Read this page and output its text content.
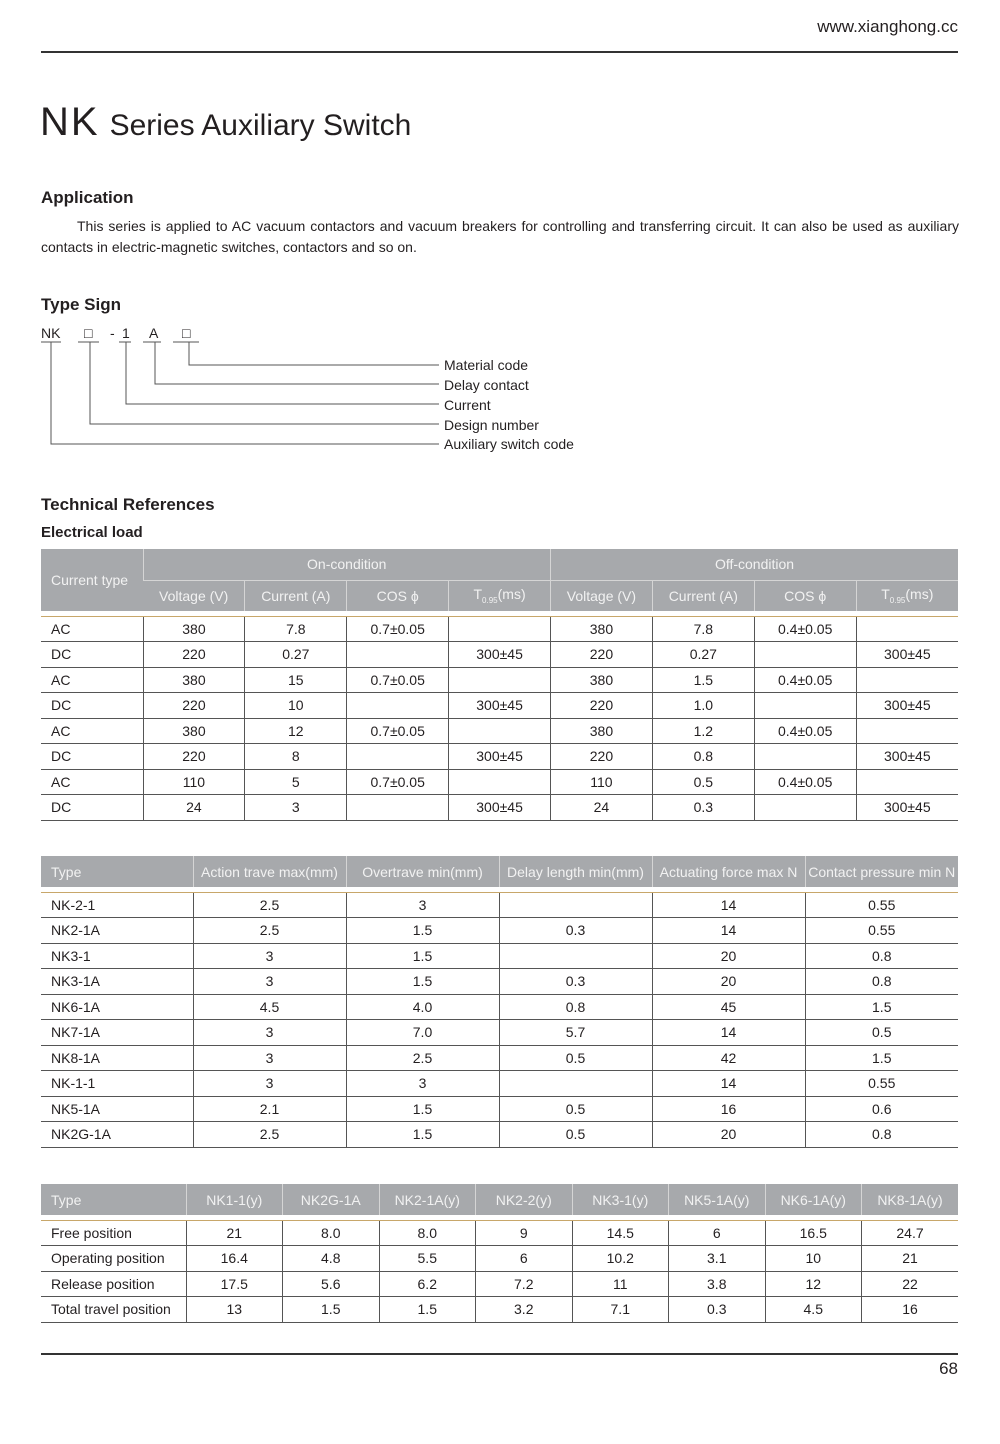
www.xianghong.cc
NK Series Auxiliary Switch
Application

This series is applied to AC vacuum contactors and vacuum breakers for controlling and transferring circuit. It can also be used as auxiliary contacts in electric-magnetic switches, contactors and so on.

Type Sign
NK □ - 1 A □
Material code
Delay contact
Current
Design number
Auxiliary switch code
Technical References
Electrical load
Current type	On-condition				Off-condition			
	Voltage (V)	Current (A)	COS ϕ	$T_{0.95}(ms)$	Voltage (V)	Current (A)	COS ϕ	$T_{0.95}(ms)$

AC	380	7.8	0.7±0.05		380	7.8	0.4±0.05	
DC	220	0.27		300±45	220	0.27		300±45
AC	380	15	0.7±0.05		380	1.5	0.4±0.05	
DC	220	10		300±45	220	1.0		300±45
AC	380	12	0.7±0.05		380	1.2	0.4±0.05	
DC	220	8		300±45	220	0.8		300±45
AC	110	5	0.7±0.05		110	0.5	0.4±0.05	
DC	24	3		300±45	24	0.3		300±45
Type	Action trave max(mm)	Overtrave min(mm)	Delay length min(mm)	Actuating force max N	Contact pressure min N

NK-2-1	2.5	3		14	0.55
NK2-1A	2.5	1.5	0.3	14	0.55
NK3-1	3	1.5		20	0.8
NK3-1A	3	1.5	0.3	20	0.8
NK6-1A	4.5	4.0	0.8	45	1.5
NK7-1A	3	7.0	5.7	14	0.5
NK8-1A	3	2.5	0.5	42	1.5
NK-1-1	3	3		14	0.55
NK5-1A	2.1	1.5	0.5	16	0.6
NK2G-1A	2.5	1.5	0.5	20	0.8
Type	NK1-1(y)	NK2G-1A	NK2-1A(y)	NK2-2(y)	NK3-1(y)	NK5-1A(y)	NK6-1A(y)	NK8-1A(y)

Free position	21	8.0	8.0	9	14.5	6	16.5	24.7
Operating position	16.4	4.8	5.5	6	10.2	3.1	10	21
Release position	17.5	5.6	6.2	7.2	11	3.8	12	22
Total travel position	13	1.5	1.5	3.2	7.1	0.3	4.5	16
68
